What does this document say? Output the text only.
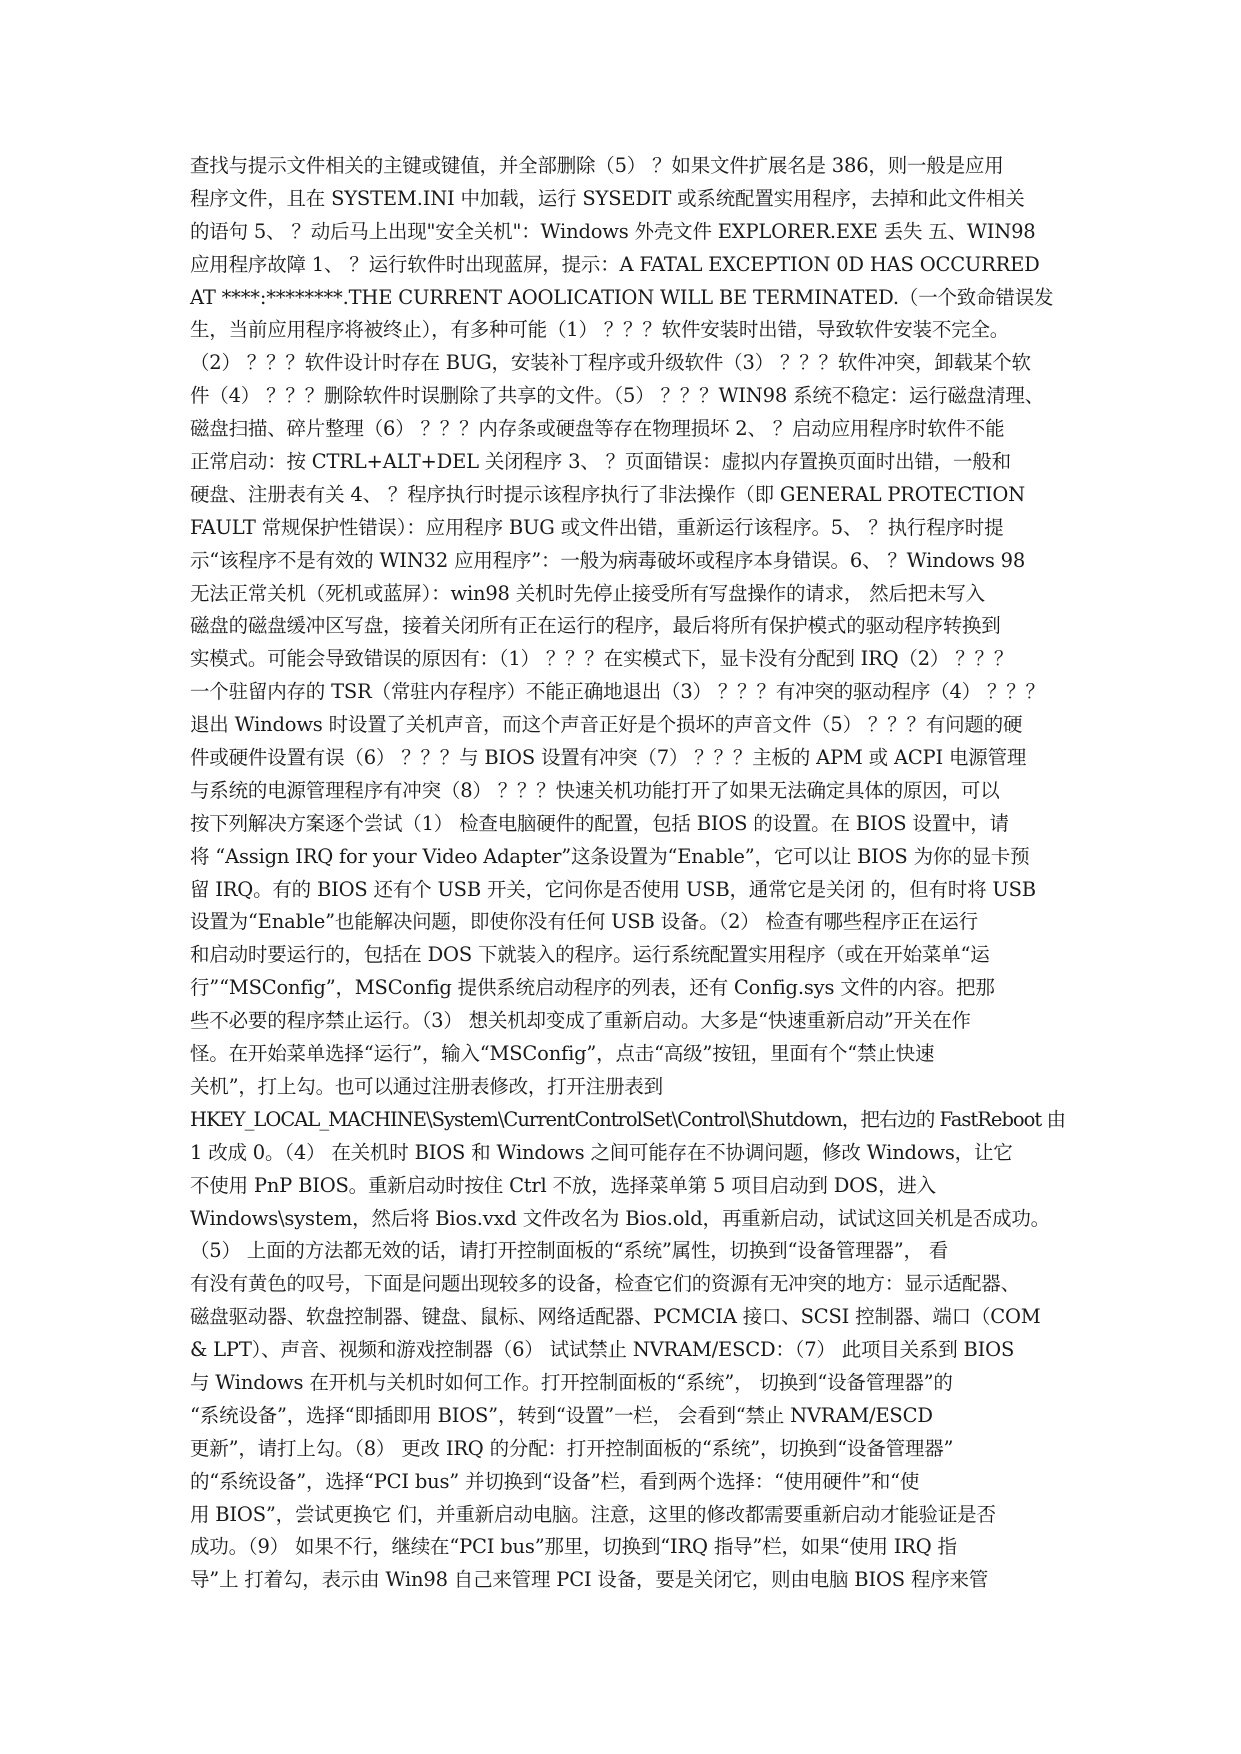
查找与提示文件相关的主键或键值，并全部删除（5） ？如果文件扩展名是 386，则一般是应用
程序文件，且在 SYSTEM.INI 中加载，运行 SYSEDIT 或系统配置实用程序，去掉和此文件相关
的语句 5、 ？动后马上出现"安全关机"：Windows 外壳文件 EXPLORER.EXE 丢失 五、WIN98
应用程序故障 1、 ？运行软件时出现蓝屏，提示：A FATAL EXCEPTION 0D HAS OCCURRED
AT ****:********.THE CURRENT AOOLICATION WILL BE TERMINATED.（一个致命错误发
生，当前应用程序将被终止），有多种可能（1） ？？？软件安装时出错，导致软件安装不完全。
（2） ？？？软件设计时存在 BUG，安装补丁程序或升级软件（3） ？？？软件冲突，卸载某个软
件（4） ？？？删除软件时误删除了共享的文件。（5） ？？？WIN98 系统不稳定：运行磁盘清理、
磁盘扫描、碎片整理（6） ？？？内存条或硬盘等存在物理损坏 2、 ？启动应用程序时软件不能
正常启动：按 CTRL+ALT+DEL 关闭程序 3、 ？页面错误：虚拟内存置换页面时出错，一般和
硬盘、注册表有关 4、 ？程序执行时提示该程序执行了非法操作（即 GENERAL PROTECTION
FAULT 常规保护性错误）：应用程序 BUG 或文件出错，重新运行该程序。5、 ？执行程序时提
示“该程序不是有效的 WIN32 应用程序”：一般为病毒破坏或程序本身错误。6、 ？Windows 98
无法正常关机（死机或蓝屏）：win98 关机时先停止接受所有写盘操作的请求， 然后把未写入
磁盘的磁盘缓冲区写盘，接着关闭所有正在运行的程序，最后将所有保护模式的驱动程序转换到
实模式。可能会导致错误的原因有：（1） ？？？在实模式下，显卡没有分配到 IRQ（2） ？？？
一个驻留内存的 TSR（常驻内存程序）不能正确地退出（3） ？？？有冲突的驱动程序（4） ？？？
退出 Windows 时设置了关机声音，而这个声音正好是个损坏的声音文件（5） ？？？有问题的硬
件或硬件设置有误（6） ？？？与 BIOS 设置有冲突（7） ？？？主板的 APM 或 ACPI 电源管理
与系统的电源管理程序有冲突（8） ？？？快速关机功能打开了如果无法确定具体的原因，可以
按下列解决方案逐个尝试（1） 检查电脑硬件的配置，包括 BIOS 的设置。在 BIOS 设置中，请
将 “Assign IRQ for your Video Adapter”这条设置为“Enable”，它可以让 BIOS 为你的显卡预
留 IRQ。有的 BIOS 还有个 USB 开关，它问你是否使用 USB，通常它是关闭 的，但有时将 USB
设置为“Enable”也能解决问题，即使你没有任何 USB 设备。（2） 检查有哪些程序正在运行
和启动时要运行的，包括在 DOS 下就装入的程序。运行系统配置实用程序（或在开始菜单“运
行”“MSConfig”，MSConfig 提供系统启动程序的列表，还有 Config.sys 文件的内容。把那
些不必要的程序禁止运行。（3） 想关机却变成了重新启动。大多是“快速重新启动”开关在作
怪。在开始菜单选择“运行”，输入“MSConfig”，点击“高级”按钮，里面有个“禁止快速
关机”，打上勾。也可以通过注册表修改，打开注册表到
HKEY_LOCAL_MACHINE\System\CurrentControlSet\Control\Shutdown，把右边的 FastReboot 由
1 改成 0。（4） 在关机时 BIOS 和 Windows 之间可能存在不协调问题，修改 Windows，让它
不使用 PnP BIOS。重新启动时按住 Ctrl 不放，选择菜单第 5 项目启动到 DOS，进入
Windows\system，然后将 Bios.vxd 文件改名为 Bios.old，再重新启动，试试这回关机是否成功。
（5） 上面的方法都无效的话，请打开控制面板的“系统”属性，切换到“设备管理器”， 看
有没有黄色的叹号，下面是问题出现较多的设备，检查它们的资源有无冲突的地方：显示适配器、
磁盘驱动器、软盘控制器、键盘、鼠标、网络适配器、PCMCIA 接口、SCSI 控制器、端口（COM
& LPT）、声音、视频和游戏控制器（6） 试试禁止 NVRAM/ESCD：（7） 此项目关系到 BIOS
与 Windows 在开机与关机时如何工作。打开控制面板的“系统”， 切换到“设备管理器”的
“系统设备”，选择“即插即用 BIOS”，转到“设置”一栏， 会看到“禁止 NVRAM/ESCD
更新”，请打上勾。（8） 更改 IRQ 的分配：打开控制面板的“系统”，切换到“设备管理器”
的“系统设备”，选择“PCI bus” 并切换到“设备”栏，看到两个选择：“使用硬件”和“使
用 BIOS”，尝试更换它 们，并重新启动电脑。注意，这里的修改都需要重新启动才能验证是否
成功。（9） 如果不行，继续在“PCI bus”那里，切换到“IRQ 指导”栏，如果“使用 IRQ 指
导”上 打着勾，表示由 Win98 自己来管理 PCI 设备，要是关闭它，则由电脑 BIOS 程序来管
